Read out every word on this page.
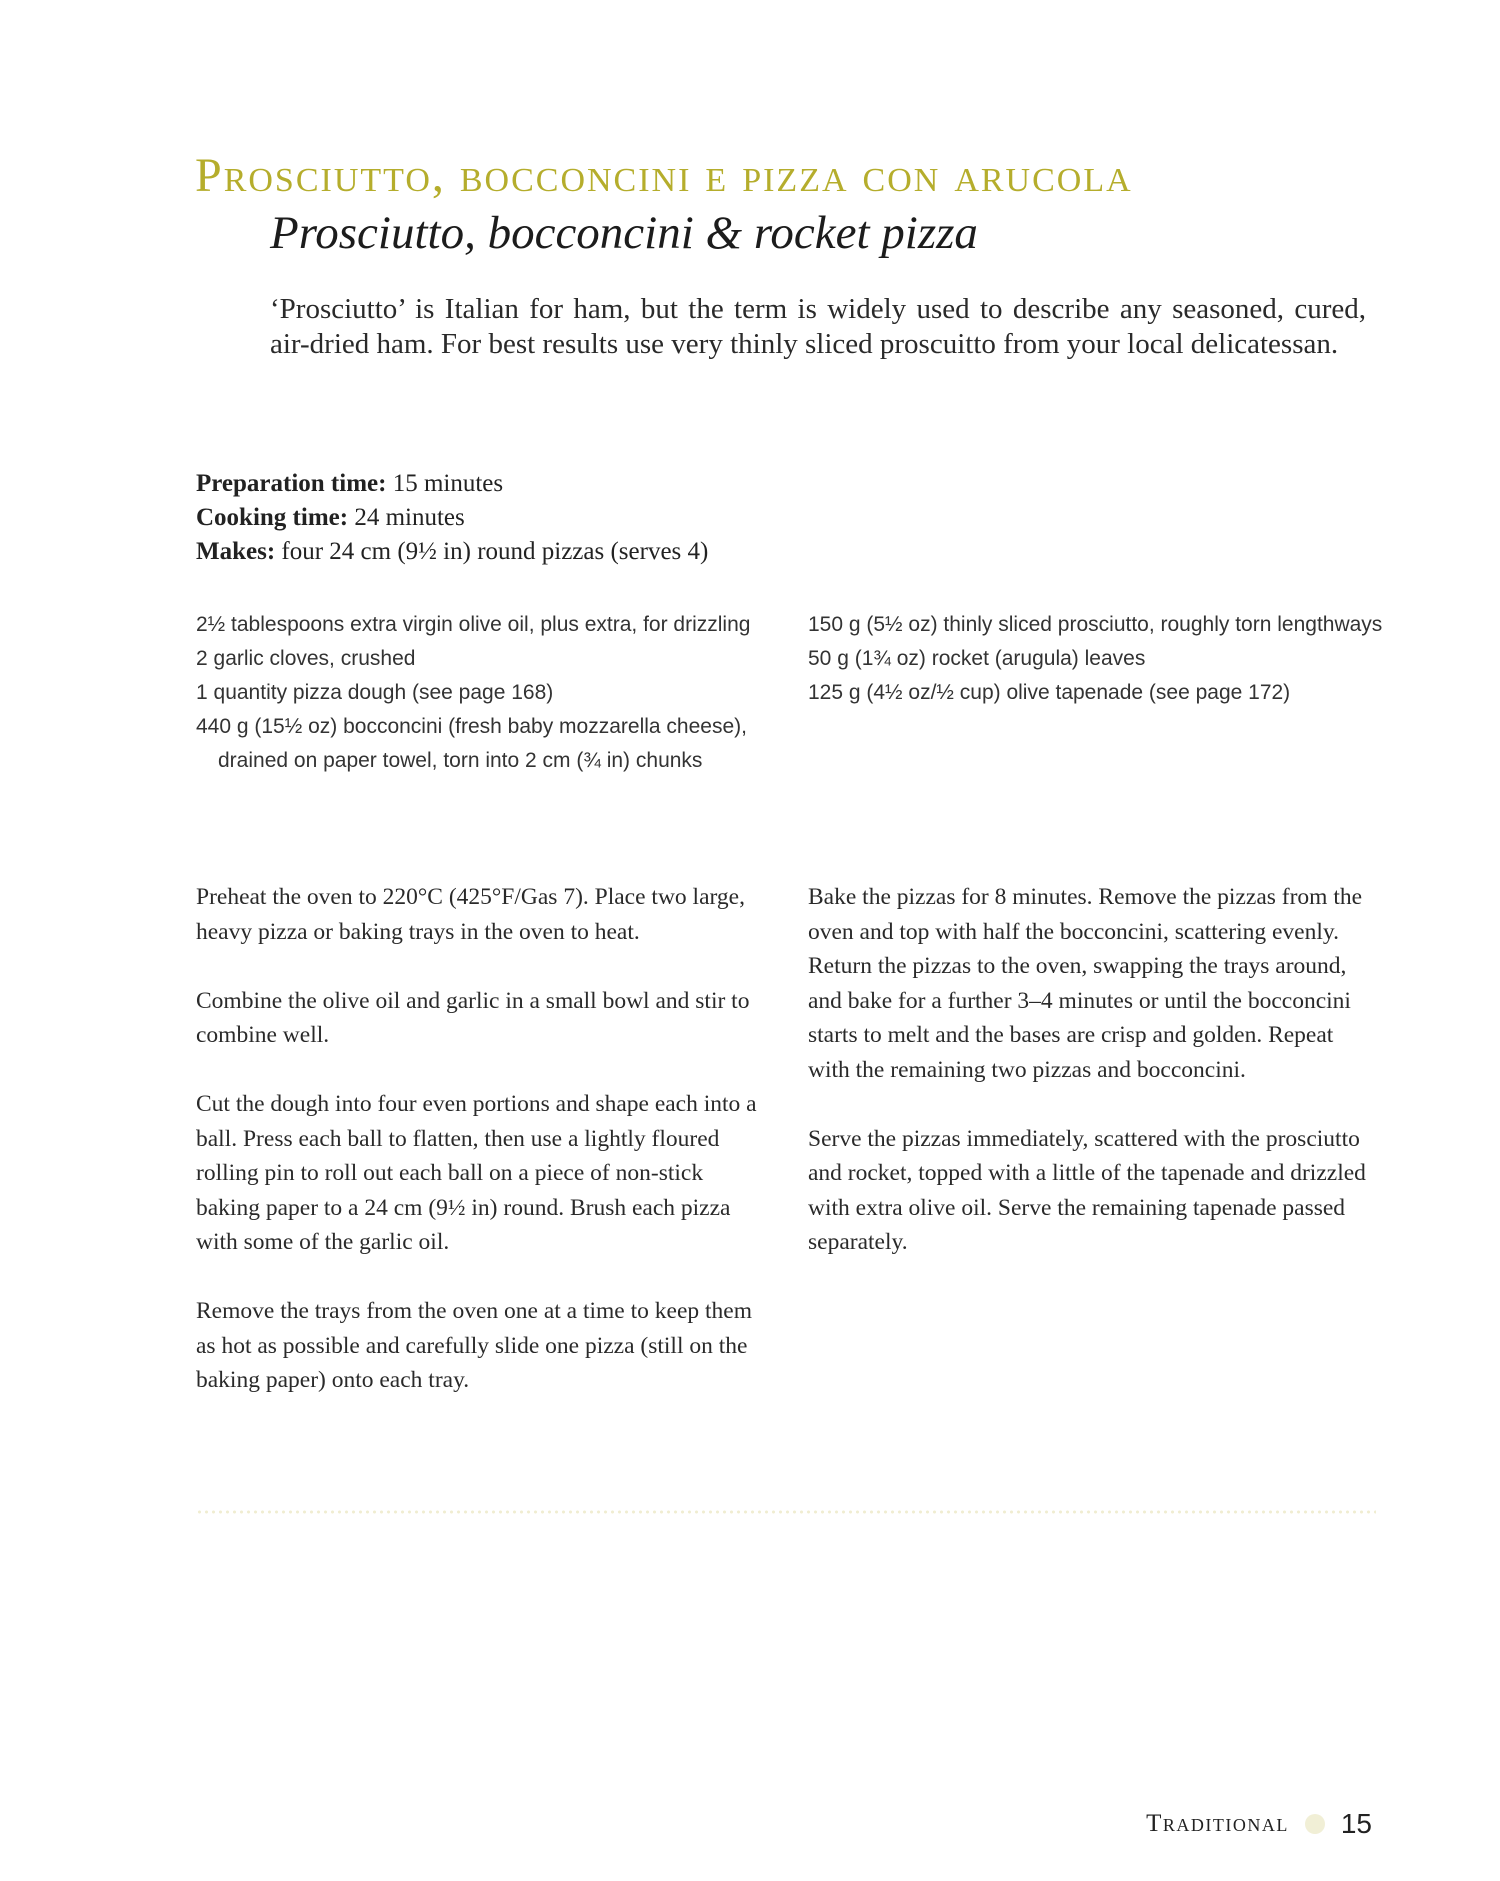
Prosciutto, bocconcini e pizza con arucola
Prosciutto, bocconcini & rocket pizza

‘Prosciutto’ is Italian for ham, but the term is widely used to describe any seasoned, cured, air-dried ham. For best results use very thinly sliced proscuitto from your local delicatessan.

Preparation time: 15 minutes
Cooking time: 24 minutes
Makes: four 24 cm (9½ in) round pizzas (serves 4)
2½ tablespoons extra virgin olive oil, plus extra, for drizzling
2 garlic cloves, crushed
1 quantity pizza dough (see page 168)
440 g (15½ oz) bocconcini (fresh baby mozzarella cheese), drained on paper towel, torn into 2 cm (¾ in) chunks
150 g (5½ oz) thinly sliced prosciutto, roughly torn lengthways
50 g (1¾ oz) rocket (arugula) leaves
125 g (4½ oz/½ cup) olive tapenade (see page 172)

Preheat the oven to 220°C (425°F/Gas 7). Place two large, heavy pizza or baking trays in the oven to heat.

Combine the olive oil and garlic in a small bowl and stir to combine well.

Cut the dough into four even portions and shape each into a ball. Press each ball to flatten, then use a lightly floured rolling pin to roll out each ball on a piece of non-stick baking paper to a 24 cm (9½ in) round. Brush each pizza with some of the garlic oil.

Remove the trays from the oven one at a time to keep them as hot as possible and carefully slide one pizza (still on the baking paper) onto each tray.

Bake the pizzas for 8 minutes. Remove the pizzas from the oven and top with half the bocconcini, scattering evenly. Return the pizzas to the oven, swapping the trays around, and bake for a further 3–4 minutes or until the bocconcini starts to melt and the bases are crisp and golden. Repeat with the remaining two pizzas and bocconcini.

Serve the pizzas immediately, scattered with the prosciutto and rocket, topped with a little of the tapenade and drizzled with extra olive oil. Serve the remaining tapenade passed separately.

Traditional 15
